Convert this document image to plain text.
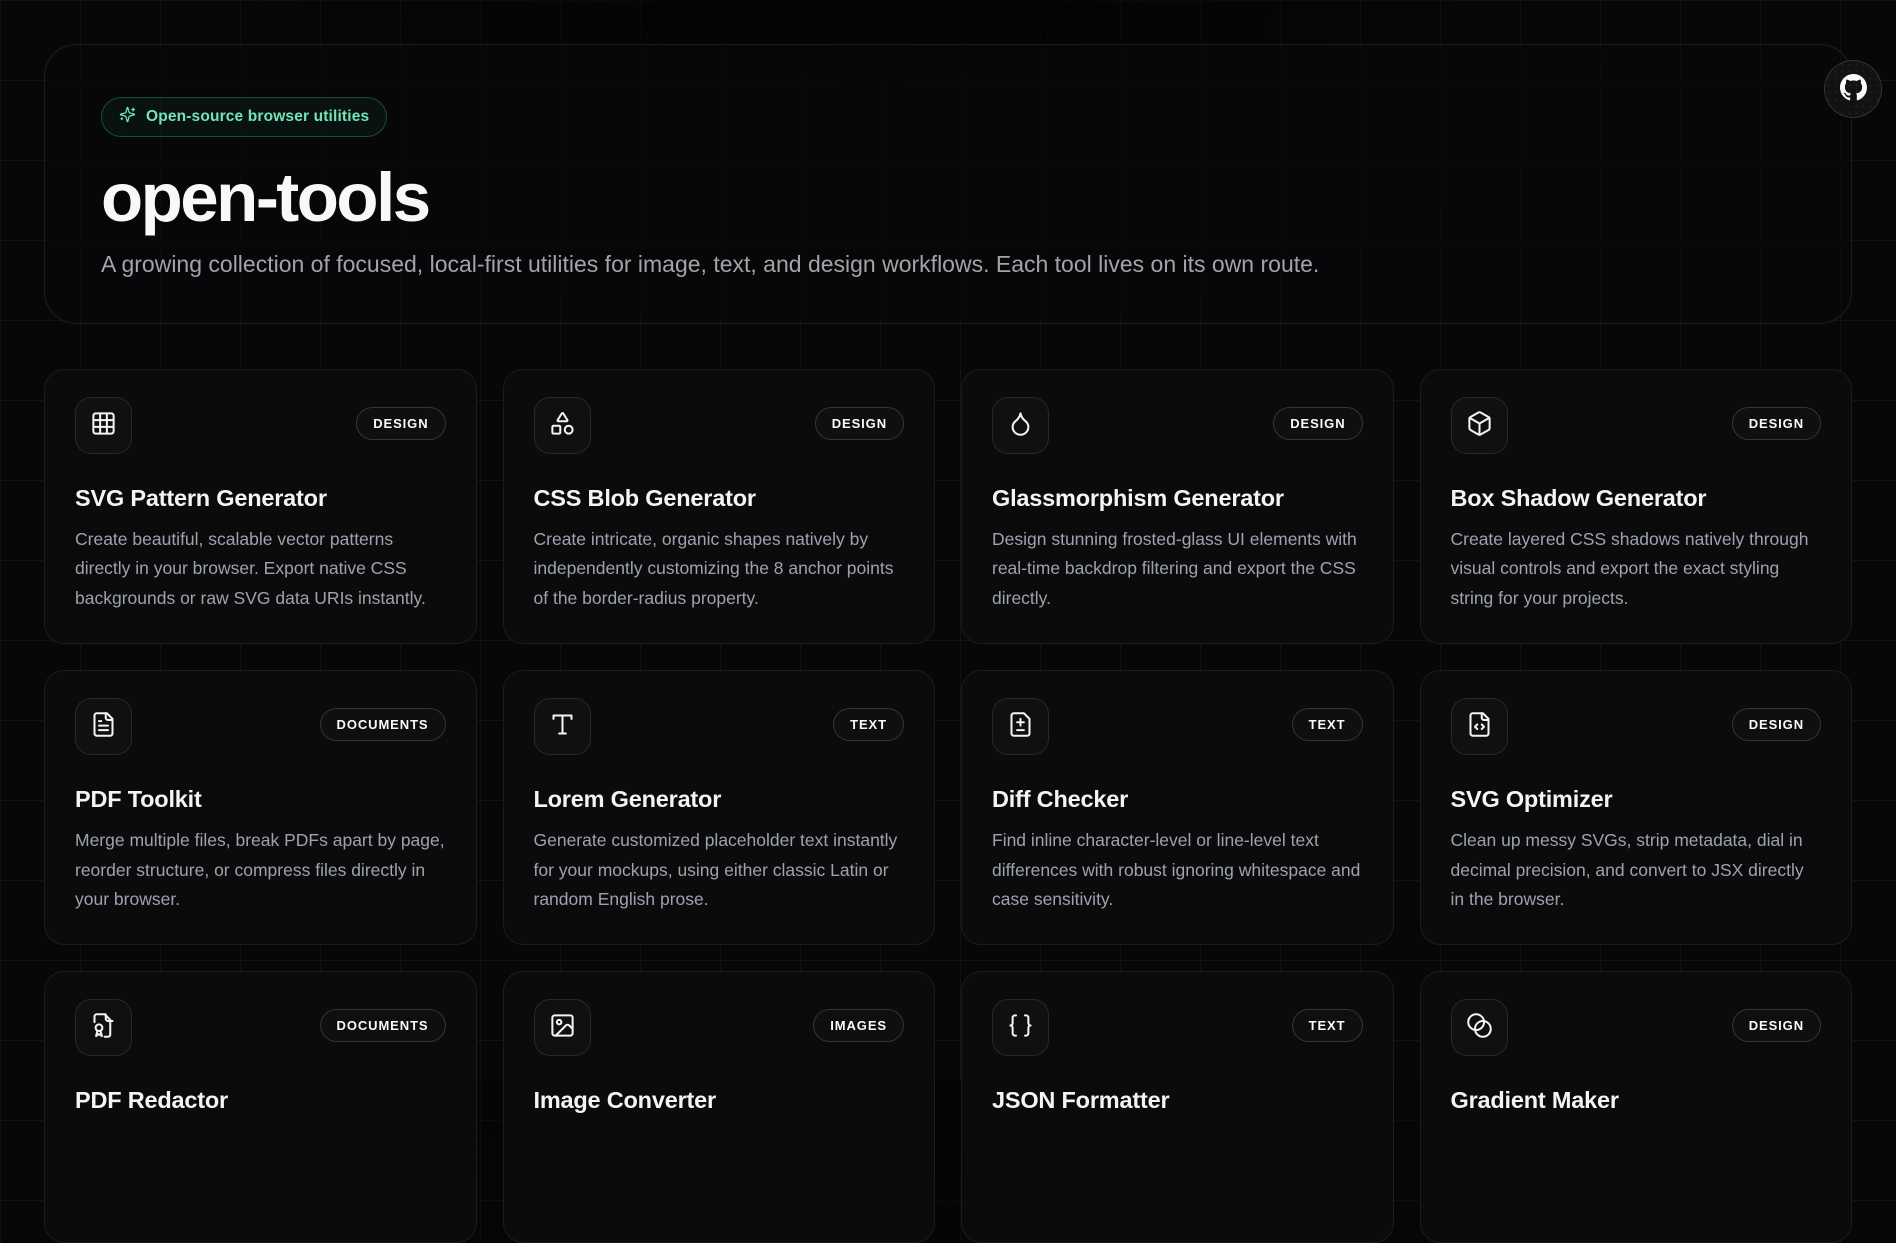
Open-source browser utilities
open-tools

A growing collection of focused, local-first utilities for image, text, and design workflows. Each tool lives on its own route.

DESIGN
SVG Pattern Generator

Create beautiful, scalable vector patterns directly in your browser. Export native CSS backgrounds or raw SVG data URIs instantly.

DESIGN
CSS Blob Generator

Create intricate, organic shapes natively by independently customizing the 8 anchor points of the border-radius property.

DESIGN
Glassmorphism Generator

Design stunning frosted-glass UI elements with real-time backdrop filtering and export the CSS directly.

DESIGN
Box Shadow Generator

Create layered CSS shadows natively through visual controls and export the exact styling string for your projects.

DOCUMENTS
PDF Toolkit

Merge multiple files, break PDFs apart by page, reorder structure, or compress files directly in your browser.

TEXT
Lorem Generator

Generate customized placeholder text instantly for your mockups, using either classic Latin or random English prose.

TEXT
Diff Checker

Find inline character-level or line-level text differences with robust ignoring whitespace and case sensitivity.

DESIGN
SVG Optimizer

Clean up messy SVGs, strip metadata, dial in decimal precision, and convert to JSX directly in the browser.

DOCUMENTS
PDF Redactor

IMAGES
Image Converter

TEXT
JSON Formatter

DESIGN
Gradient Maker
